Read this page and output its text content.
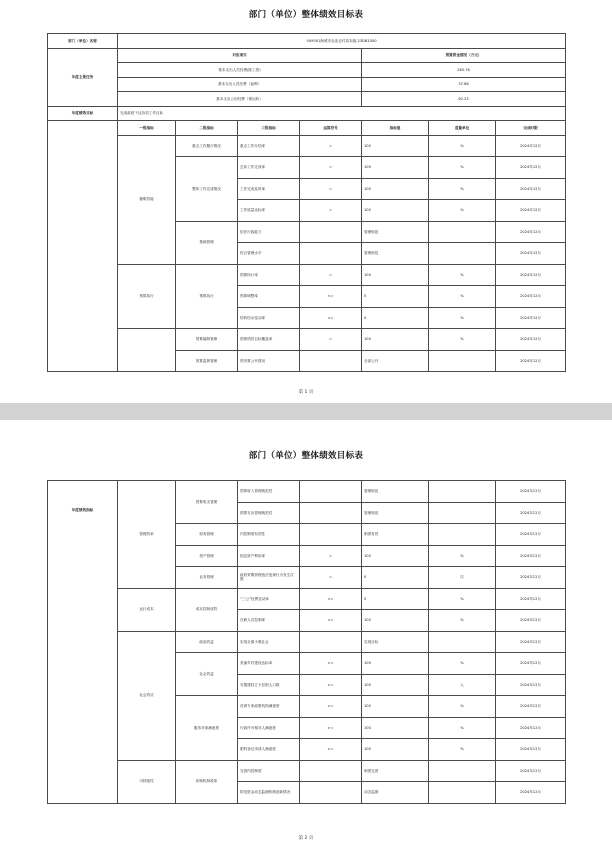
部门（单位）整体绩效目标表
部门（单位）名称	049001海城市农业农村局本级-23DB1000						
年度主要任务	对应项目				预算资金情况（万元）		
	基本支出人员经费(除工资)				265.76		
	基本支出人员经费（福利）				37.86		
	基本支出公用经费（保运转）				62.23		
年度绩效目标	完成政府下达各项工作目标						
	一级指标	二级指标	三级指标	运算符号	指标值	度量单位	完成时限
	履职效能	重点工作履行情况	重点工作办结率	=	100	%	2024年12月
		整体工作完成情况	总体工作完成率	=	100	%	2024年12月
			工作完成及时率	=	100	%	2024年12月
			工作质量达标率	=	100	%	2024年12月
		基础管理	依法行政能力		管理规范		2024年12月
			综合管理水平		管理规范		2024年12月
	预算执行	预算执行	预算执行率	=	100	%	2024年12月
			预算调整率	<=	5	%	2024年12月
			结转结余变动率	<=	0	%	2024年12月
		预算编制管理	预算绩效目标覆盖率	=	100	%	2024年12月
		预算监督管理	预决算公开情况		全部公开		2024年12月
第 1 页
部门（单位）整体绩效目标表
年度绩效指标	管理效率	预算收支管理	预算收入管理规范性		管理规范		2024年12月
			预算支出管理规范性		管理规范		2024年12月
		财务管理	内控制度有效性		制度有效		2024年12月
		资产管理	固定资产利用率	=	100	%	2024年12月
		业务管理	政府采购管理违法违规行为发生次数	=	0	次	2024年12月
	运行成本	成本控制成效	“三公”经费变动率	<=	0	%	2024年12月
			在职人员控制率	<=	100	%	2024年12月
	社会效应	政治效益	实现全面小康社会		实现目标		2024年12月
		社会效益	美丽乡村建设达标率	>=	100	%	2024年12月
			安置建档立卡贫困人口数	>=	100	人	2024年12月
		服务对象满意度	首席专家政策机构满意度	>=	100	%	2024年12月
			行政许可相对人满意度	>=	100	%	2024年12月
			肥料登记申请人满意度	>=	100	%	2024年12月
	可持续性	体制机制改革	完善内控制度		制度完善		2024年12月
			防范资金动态监测机制创新情况		动态监测		2024年12月
第 2 页
